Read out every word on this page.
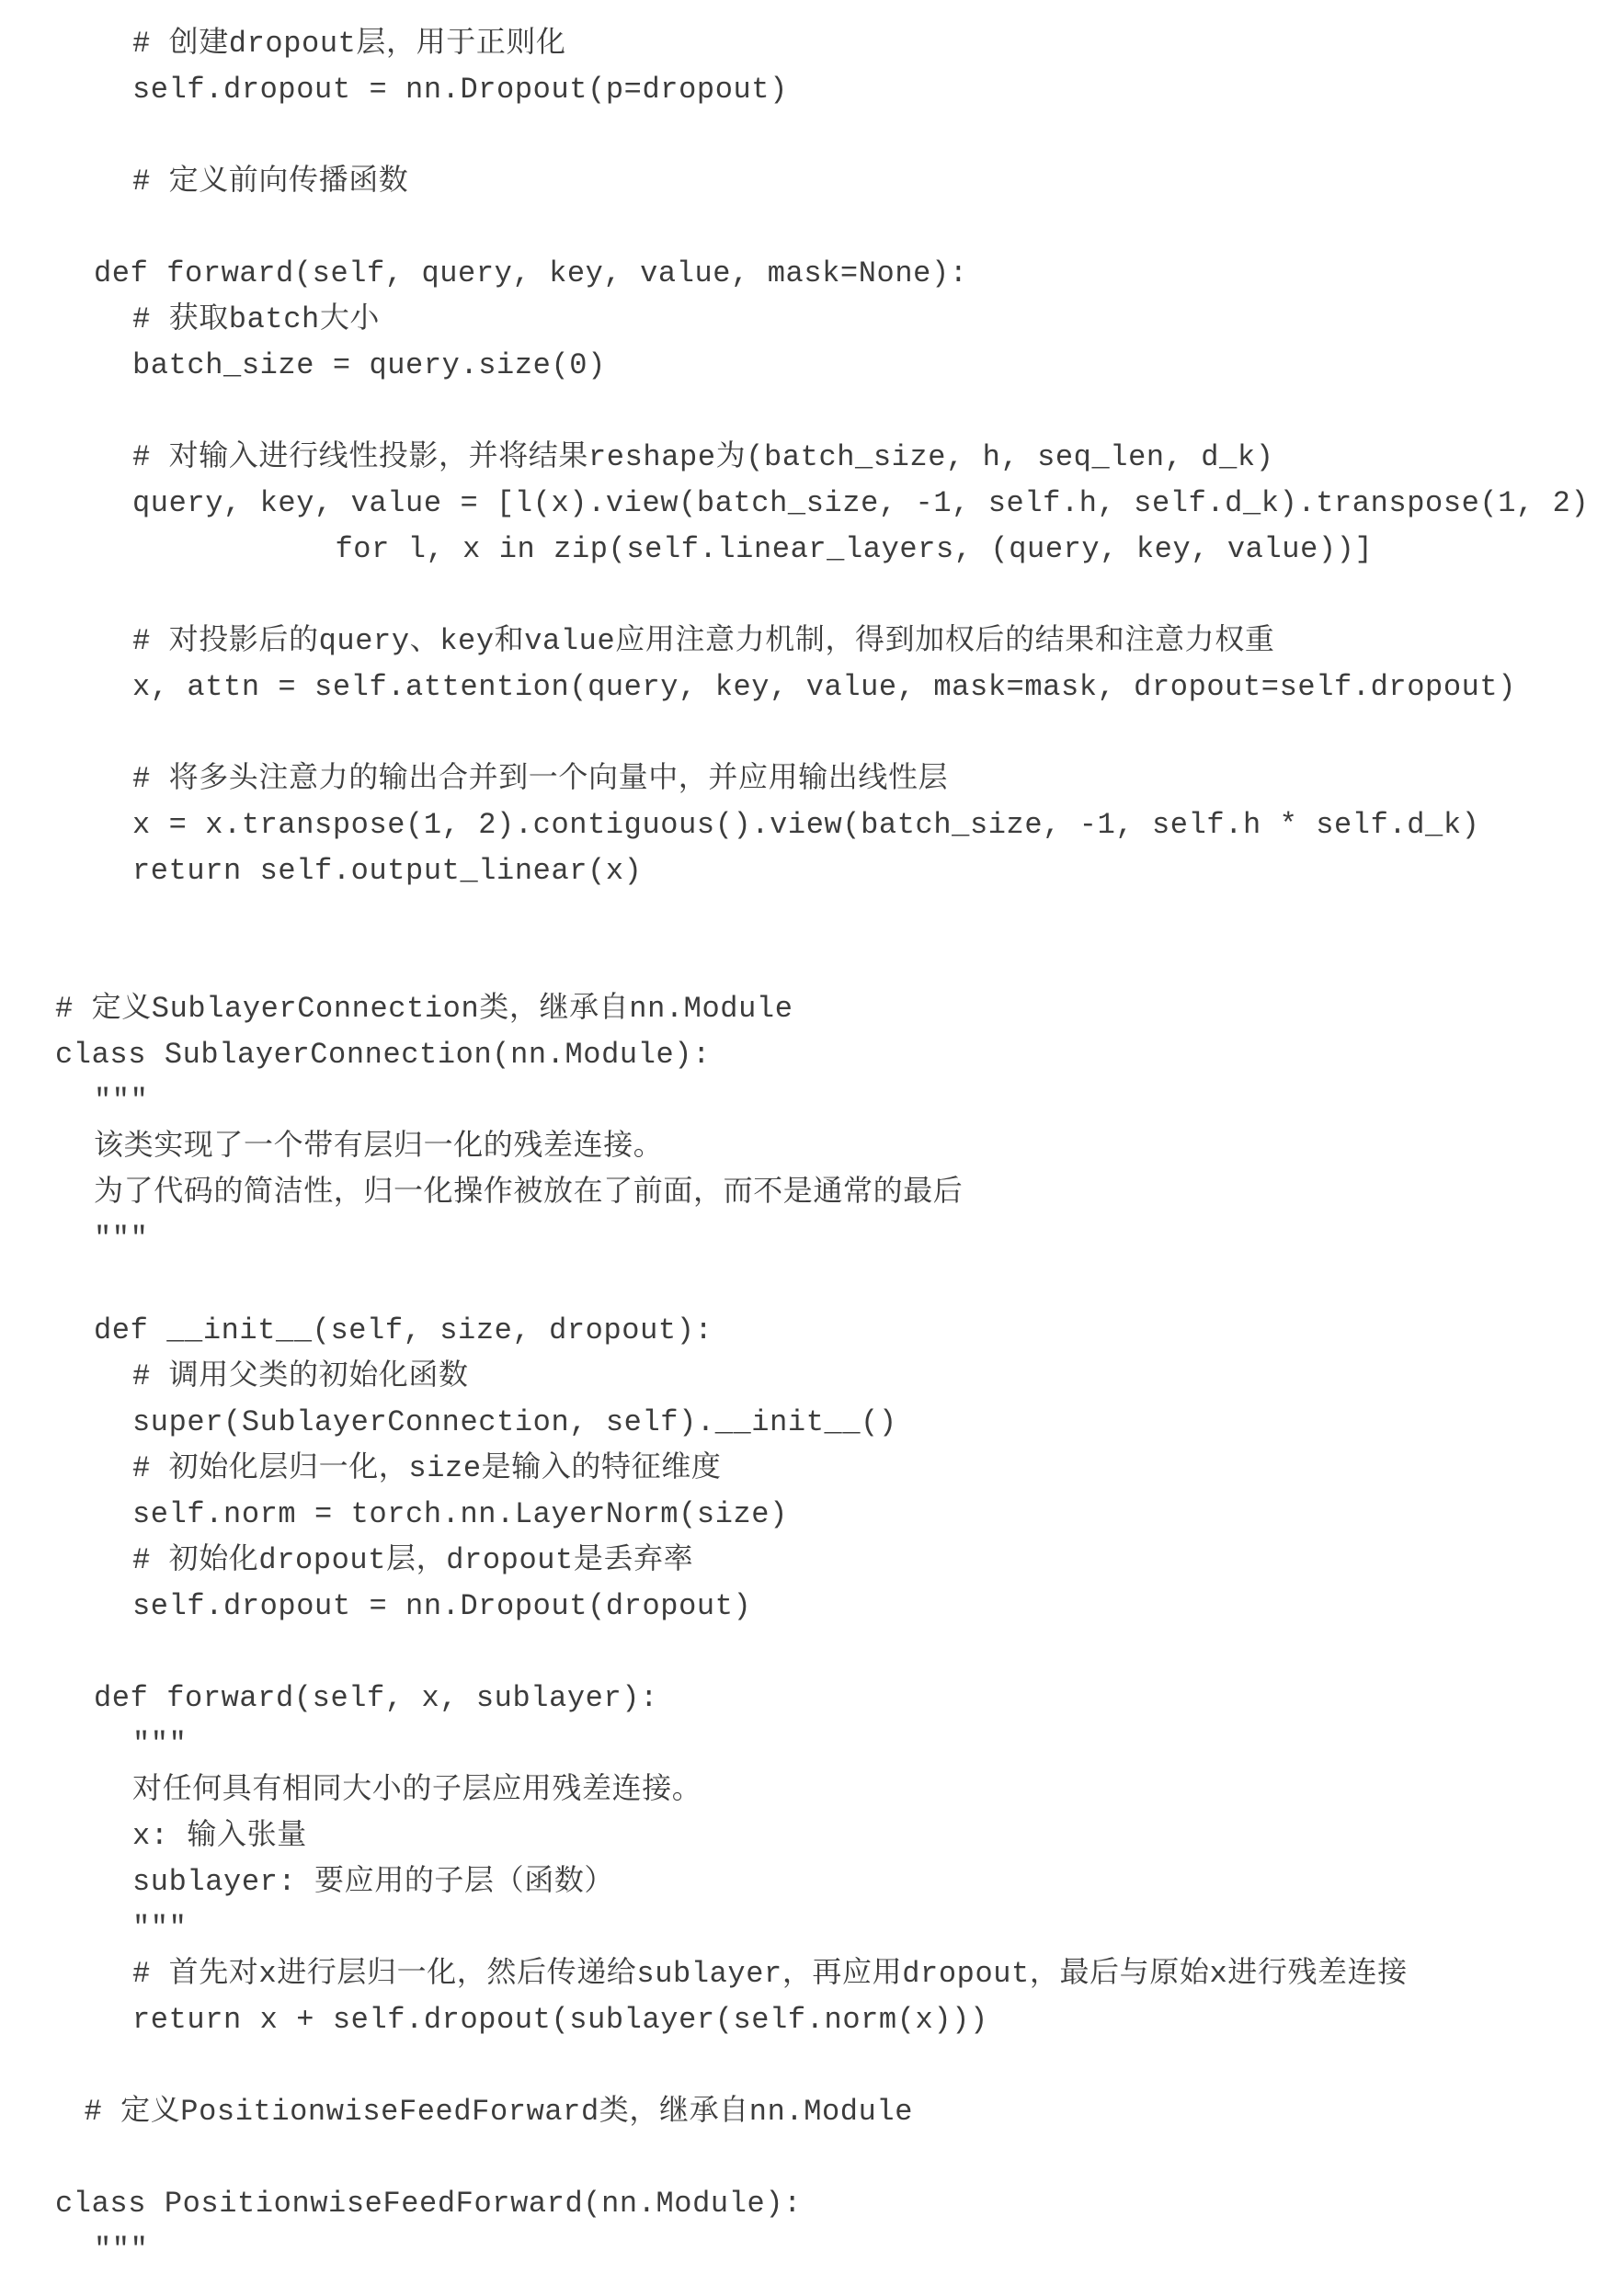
# 创建dropout层，用于正则化
self.dropout = nn.Dropout(p=dropout)
# 定义前向传播函数
def forward(self, query, key, value, mask=None):
# 获取batch大小
batch_size = query.size(0)
# 对输入进行线性投影，并将结果reshape为(batch_size, h, seq_len, d_k)
query, key, value = [l(x).view(batch_size, -1, self.h, self.d_k).transpose(1, 2)
for l, x in zip(self.linear_layers, (query, key, value))]
# 对投影后的query、key和value应用注意力机制，得到加权后的结果和注意力权重
x, attn = self.attention(query, key, value, mask=mask, dropout=self.dropout)
# 将多头注意力的输出合并到一个向量中，并应用输出线性层
x = x.transpose(1, 2).contiguous().view(batch_size, -1, self.h * self.d_k)
return self.output_linear(x)
# 定义SublayerConnection类，继承自nn.Module
class SublayerConnection(nn.Module):
"""
该类实现了一个带有层归一化的残差连接。
为了代码的简洁性，归一化操作被放在了前面，而不是通常的最后
"""
def __init__(self, size, dropout):
# 调用父类的初始化函数
super(SublayerConnection, self).__init__()
# 初始化层归一化，size是输入的特征维度
self.norm = torch.nn.LayerNorm(size)
# 初始化dropout层，dropout是丢弃率
self.dropout = nn.Dropout(dropout)
def forward(self, x, sublayer):
"""
对任何具有相同大小的子层应用残差连接。
x: 输入张量
sublayer: 要应用的子层（函数）
"""
# 首先对x进行层归一化，然后传递给sublayer，再应用dropout，最后与原始x进行残差连接
return x + self.dropout(sublayer(self.norm(x)))
# 定义PositionwiseFeedForward类，继承自nn.Module
class PositionwiseFeedForward(nn.Module):
"""
